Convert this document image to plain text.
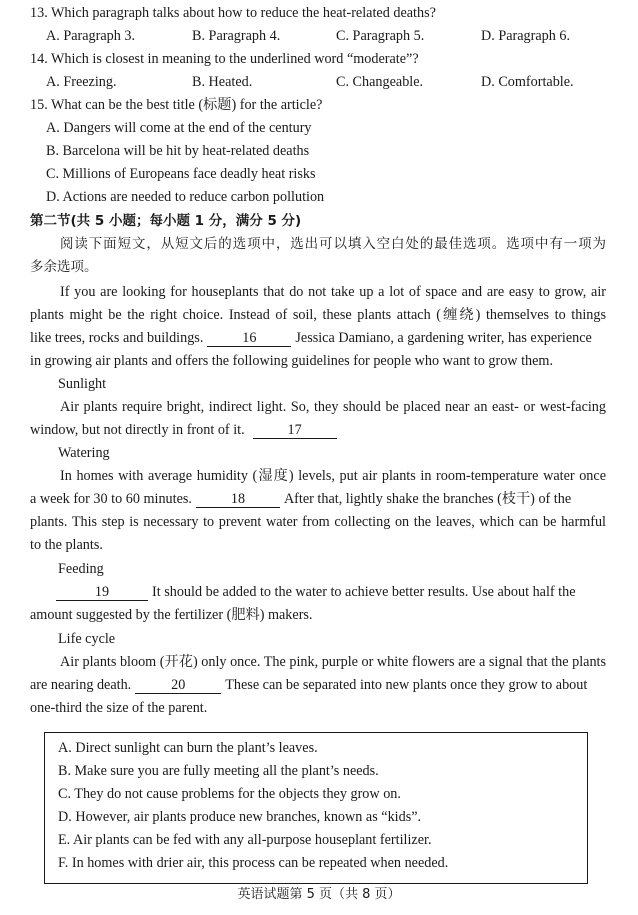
13. Which paragraph talks about how to reduce the heat-related deaths?
A. Paragraph 3.	B. Paragraph 4.	C. Paragraph 5.	D. Paragraph 6.
14. Which is closest in meaning to the underlined word “moderate”?
A. Freezing.	B. Heated.	C. Changeable.	D. Comfortable.
15. What can be the best title (标题) for the article?
A. Dangers will come at the end of the century
B. Barcelona will be hit by heat-related deaths
C. Millions of Europeans face deadly heat risks
D. Actions are needed to reduce carbon pollution
第二节(共 5 小题；每小题 1 分，满分 5 分)
阅读下面短文，从短文后的选项中，选出可以填入空白处的最佳选项。选项中有一项为
多余选项。
If you are looking for houseplants that do not take up a lot of space and are easy to grow, air
plants might be the right choice. Instead of soil, these plants attach (缠绕) themselves to things
like trees, rocks and buildings.	16	Jessica Damiano, a gardening writer, has experience
in growing air plants and offers the following guidelines for people who want to grow them.
Sunlight
Air plants require bright, indirect light. So, they should be placed near an east- or west-facing
window, but not directly in front of it.	17
Watering
In homes with average humidity (湿度) levels, put air plants in room-temperature water once
a week for 30 to 60 minutes.	18	After that, lightly shake the branches (枝干) of the
plants. This step is necessary to prevent water from collecting on the leaves, which can be harmful
to the plants.
Feeding
19	It should be added to the water to achieve better results. Use about half the
amount suggested by the fertilizer (肥料) makers.
Life cycle
Air plants bloom (开花) only once. The pink, purple or white flowers are a signal that the plants
are nearing death.	20	These can be separated into new plants once they grow to about
one-third the size of the parent.
A. Direct sunlight can burn the plant’s leaves.
B. Make sure you are fully meeting all the plant’s needs.
C. They do not cause problems for the objects they grow on.
D. However, air plants produce new branches, known as “kids”.
E. Air plants can be fed with any all-purpose houseplant fertilizer.
F. In homes with drier air, this process can be repeated when needed.
英语试题第 5 页（共 8 页）
